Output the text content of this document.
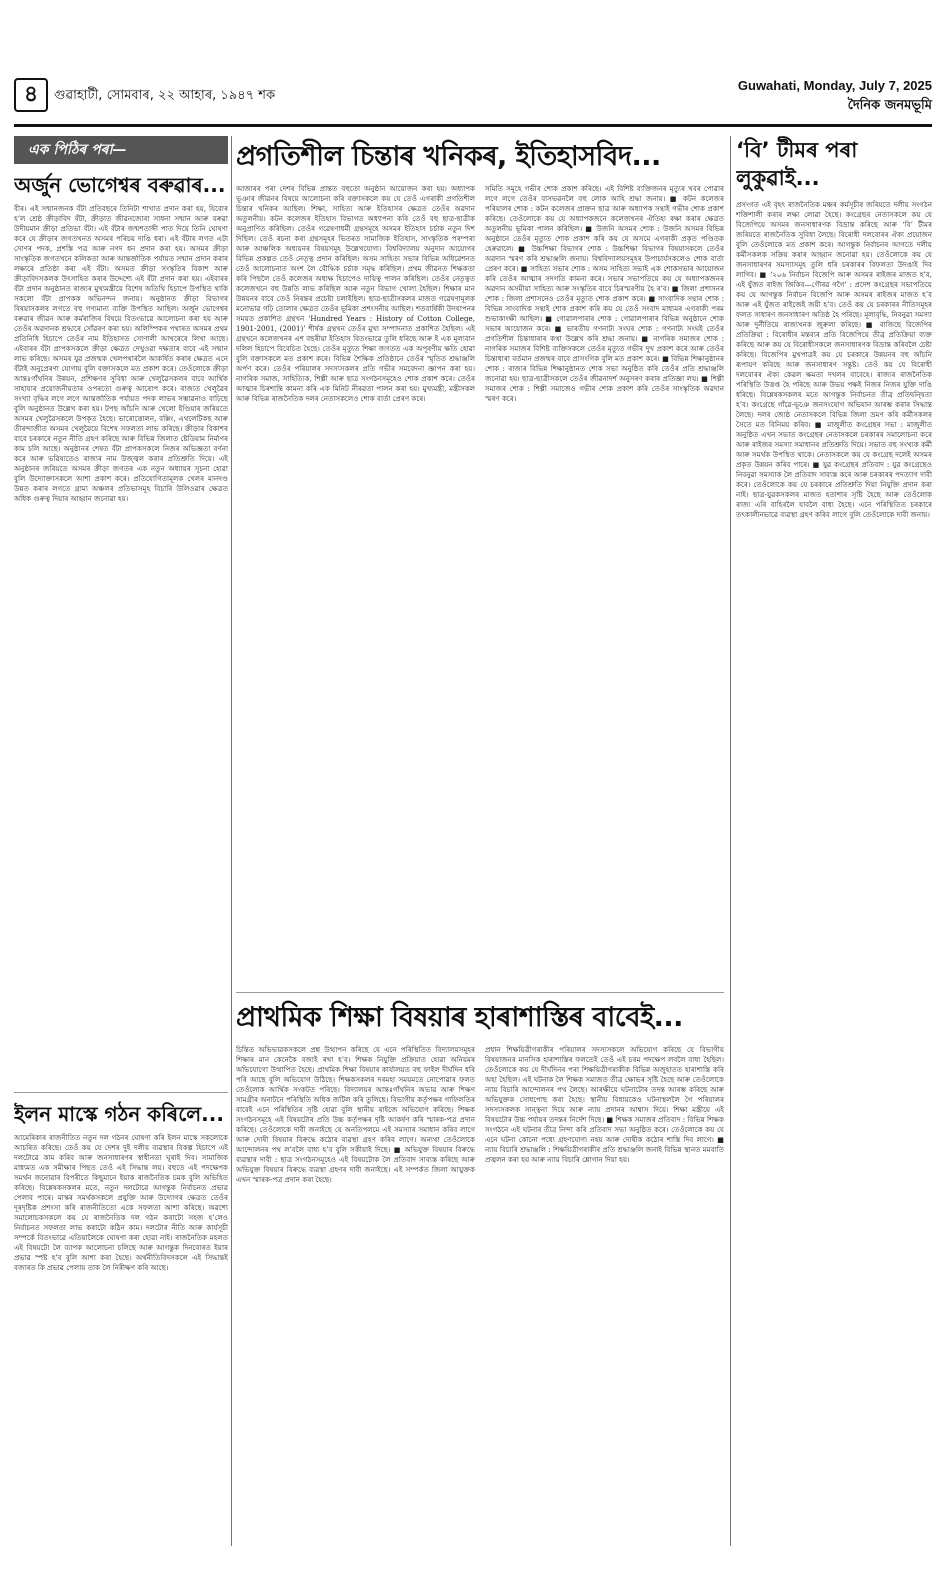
৪	গুৱাহাটী, সোমবাৰ, ২২ আহাৰ, ১৯৪৭ শক
Guwahati, Monday, July 7, 2025
দৈনিক জনমভূমি
এক পিঠিৰ পৰা—
অৰ্জুন ভোগেশ্বৰ বৰুৱাৰ...
বীৰ। এই সন্মানজনক বঁটা প্ৰতিবছৰে তিনিটা শাখাত প্ৰদান কৰা হয়, যিবোৰ হ’ল শ্ৰেষ্ঠ ক্ৰীড়াবিদ বঁটা, ক্ৰীড়াত জীৱনজোৰা সাধনা সন্মান আৰু বৰুৱা উদীয়মান ক্ৰীড়া প্ৰতিভা বঁটা। এই বঁটাৰ জন্মশতাব্দী পাত দিয়ে তিনি ঘোষণা কৰে যে ক্ৰীড়াৰ জগতখনত অসমৰ পৰিচয় দাঙি ধৰা। এই বঁটাৰ লগত এটা সোণৰ পদক, প্ৰশস্তি পত্ৰ আৰু নগদ ধন প্ৰদান কৰা হয়। অসমৰ ক্ৰীড়া সাংস্কৃতিক জগতখনে কলিকতা আৰু আন্তৰ্জাতিক পৰ্যায়ত সন্মান প্ৰদান কৰাৰ লক্ষ্যৰে প্ৰতিষ্ঠা কৰা এই বঁটা। অসমত ক্ৰীড়া সংস্কৃতিৰ বিকাশ আৰু ক্ৰীড়াবিদসকলক উৎসাহিত কৰাৰ উদ্দেশ্যে এই বঁটা প্ৰদান কৰা হয়। এইবাৰৰ বঁটা প্ৰদান অনুষ্ঠানত ৰাজ্যৰ মুখ্যমন্ত্ৰীয়ে বিশেষ অতিথি হিচাপে উপস্থিত থাকি সকলো বঁটা প্ৰাপকক অভিনন্দন জনায়। অনুষ্ঠানত ক্ৰীড়া বিভাগৰ বিষয়াসকলৰ লগতে বহু গণ্যমান্য ব্যক্তি উপস্থিত আছিল। অৰ্জুন ভোগেশ্বৰ বৰুৱাৰ জীৱন আৰু কৰ্মৰাজিৰ বিষয়ে বিতংভাৱে আলোচনা কৰা হয় আৰু তেওঁৰ অৱদানক শ্ৰদ্ধাৰে সোঁৱৰণ কৰা হয়। অলিম্পিকৰ পথাৰত অসমৰ প্ৰথম প্ৰতিনিধি হিচাপে তেওঁৰ নাম ইতিহাসত সোণালী আখৰেৰে লিখা আছে। এইবাৰৰ বঁটা প্ৰাপকসকলে ক্ৰীড়া ক্ষেত্ৰত দেখুওৱা দক্ষতাৰ বাবে এই সন্মান লাভ কৰিছে। অসমৰ যুৱ প্ৰজন্মক খেলপথাৰলৈ আকৰ্ষিত কৰাৰ ক্ষেত্ৰত এনে বঁটাই অনুপ্ৰেৰণা যোগায় বুলি বক্তাসকলে মত প্ৰকাশ কৰে। তেওঁলোকে ক্ৰীড়া আন্তঃগাঁথনিৰ উন্নয়ন, প্ৰশিক্ষণৰ সুবিধা আৰু খেলুৱৈসকলৰ বাবে আৰ্থিক সাহায্যৰ প্ৰয়োজনীয়তাৰ ওপৰতো গুৰুত্ব আৰোপ কৰে। ৰাজ্যত খেলুৱৈৰ সংখ্যা বৃদ্ধিৰ লগে লগে আন্তৰ্জাতিক পৰ্যায়ত পদক লাভৰ সম্ভাৱনাও বাঢ়িছে বুলি অনুষ্ঠানত উল্লেখ কৰা হয়। টপছ আঁচনি আৰু খেলো ইণ্ডিয়াৰ জৰিয়তে অসমৰ খেলুৱৈসকলে উপকৃত হৈছে। ভাৰোত্তোলন, বক্সিং, এথলেটিকছ আৰু তীৰন্দাজীত অসমৰ খেলুৱৈয়ে বিশেষ সফলতা লাভ কৰিছে। ক্ৰীড়াৰ বিকাশৰ বাবে চৰকাৰে নতুন নীতি গ্ৰহণ কৰিছে আৰু বিভিন্ন জিলাত ষ্টেডিয়াম নিৰ্মাণৰ কাম চলি আছে। অনুষ্ঠানৰ শেষত বঁটা প্ৰাপকসকলে নিজৰ অভিজ্ঞতা বৰ্ণনা কৰে আৰু ভৱিষ্যতেও ৰাজ্যৰ নাম উজ্জ্বল কৰাৰ প্ৰতিশ্ৰুতি দিয়ে। এই অনুষ্ঠানৰ জৰিয়তে অসমৰ ক্ৰীড়া জগতৰ এক নতুন অধ্যায়ৰ সূচনা হোৱা বুলি উদ্যোক্তাসকলে আশা প্ৰকাশ কৰে। প্ৰতিযোগিতামূলক খেলৰ মানদণ্ড উন্নত কৰাৰ লগতে গ্ৰাম্য অঞ্চলৰ প্ৰতিভাসমূহ বিচাৰি উলিওৱাৰ ক্ষেত্ৰত অধিক গুৰুত্ব দিয়াৰ আহ্বান জনোৱা হয়।
ইলন মাস্কে গঠন কৰিলে...
আমেৰিকাৰ ৰাজনীতিত নতুন দল গঠনৰ ঘোষণা কৰি ইলন মাস্কে সকলোকে আচৰিত কৰিছে। তেওঁ কয় যে দেশৰ দুই দলীয় ব্যৱস্থাৰ বিকল্প হিচাপে এই দলটোৱে কাম কৰিব আৰু জনসাধাৰণৰ স্বাধীনতা ঘূৰাই দিব। সামাজিক মাধ্যমত এক সমীক্ষাৰ পিছত তেওঁ এই সিদ্ধান্ত লয়। বহুতে এই পদক্ষেপক সমৰ্থন জনোৱাৰ বিপৰীতে কিছুমানে ইয়াক ৰাজনৈতিক চমক বুলি অভিহিত কৰিছে। বিশ্লেষকসকলৰ মতে, নতুন দলটোৱে আগন্তুক নিৰ্বাচনত প্ৰভাৱ পেলাব পাৰে। মাস্কৰ সমৰ্থকসকলে প্ৰযুক্তি আৰু উদ্যোগৰ ক্ষেত্ৰত তেওঁৰ দূৰদৃষ্টিক প্ৰশংসা কৰি ৰাজনীতিতো একে সফলতা আশা কৰিছে। অৱশ্যে সমালোচকসকলে কয় যে ৰাজনৈতিক দল গঠন কৰাটো সহজ হ’লেও নিৰ্বাচনত সফলতা লাভ কৰাটো কঠিন কাম। দলটোৰ নীতি আৰু কাৰ্যসূচী সম্পৰ্কে বিতংভাৱে এতিয়ালৈকে ঘোষণা কৰা হোৱা নাই। ৰাজনৈতিক মহলত এই বিষয়টো লৈ ব্যাপক আলোচনা চলিছে আৰু আগন্তুক দিনবোৰত ইয়াৰ প্ৰভাৱ স্পষ্ট হ’ব বুলি আশা কৰা হৈছে। অৰ্থনীতিবিদসকলে এই সিদ্ধান্তই বজাৰত কি প্ৰভাৱ পেলায় তাক লৈ নিৰীক্ষণ কৰি আছে।
প্ৰগতিশীল চিন্তাৰ খনিকৰ, ইতিহাসবিদ...
আজাৰৰ পৰা দেশৰ বিভিন্ন প্ৰান্তত বহুতো অনুষ্ঠান আয়োজন কৰা হয়। অধ্যাপক ভূঞাৰ জীৱনৰ বিষয়ে আলোচনা কৰি বক্তাসকলে কয় যে তেওঁ এগৰাকী প্ৰগতিশীল চিন্তাৰ খনিকৰ আছিল। শিক্ষা, সাহিত্য আৰু ইতিহাসৰ ক্ষেত্ৰত তেওঁৰ অৱদান অতুলনীয়। কটন কলেজৰ ইতিহাস বিভাগত অধ্যাপনা কৰি তেওঁ বহু ছাত্ৰ-ছাত্ৰীক অনুপ্ৰাণিত কৰিছিল। তেওঁৰ গৱেষণাধৰ্মী গ্ৰন্থসমূহে অসমৰ ইতিহাস চৰ্চাক নতুন দিশ দিছিল। তেওঁ ৰচনা কৰা গ্ৰন্থসমূহৰ ভিতৰত সামাজিক ইতিহাস, সাংস্কৃতিক পৰম্পৰা আৰু আঞ্চলিক অধ্যয়নৰ বিষয়সমূহ উল্লেখযোগ্য। বিশ্ববিদ্যালয় অনুদান আয়োগৰ বিভিন্ন প্ৰকল্পত তেওঁ নেতৃত্ব প্ৰদান কৰিছিল। অসম সাহিত্য সভাৰ বিভিন্ন অধিৱেশনত তেওঁ আলোচনাত অংশ লৈ বৌদ্ধিক চৰ্চাক সমৃদ্ধ কৰিছিল। প্ৰথম জীৱনত শিক্ষকতা কৰি পিছলৈ তেওঁ কলেজৰ অধ্যক্ষ হিচাপেও দায়িত্ব পালন কৰিছিল। তেওঁৰ নেতৃত্বত কলেজখনে বহু উন্নতি লাভ কৰিছিল আৰু নতুন বিভাগ খোলা হৈছিল। শিক্ষাৰ মান উন্নয়নৰ বাবে তেওঁ নিৰন্তৰ প্ৰচেষ্টা চলাইছিল। ছাত্ৰ-ছাত্ৰীসকলৰ মাজত গৱেষণামূলক মনোভাৱ গঢ়ি তোলাৰ ক্ষেত্ৰত তেওঁৰ ভূমিকা প্ৰশংসনীয় আছিল। শতবাৰ্ষিকী উদযাপনৰ সময়ত প্ৰকাশিত গ্ৰন্থখন ‘Hundred Years : History of Cotton College, 1901-2001, (2001)’ শীৰ্ষক গ্ৰন্থখন তেওঁৰ মুখ্য সম্পাদনাত প্ৰকাশিত হৈছিল। এই গ্ৰন্থখনে কলেজখনৰ এশ বছৰীয়া ইতিহাস বিতংভাৱে তুলি ধৰিছে আৰু ই এক মূল্যবান দলিল হিচাপে বিবেচিত হৈছে। তেওঁৰ মৃত্যুত শিক্ষা জগতত এক অপূৰণীয় ক্ষতি হোৱা বুলি বক্তাসকলে মত প্ৰকাশ কৰে। বিভিন্ন শৈক্ষিক প্ৰতিষ্ঠানে তেওঁৰ স্মৃতিত শ্ৰদ্ধাঞ্জলি অৰ্পণ কৰে। তেওঁৰ পৰিয়ালৰ সদস্যসকলৰ প্ৰতি গভীৰ সমবেদনা জ্ঞাপন কৰা হয়। নাগৰিক সমাজ, সাহিত্যিক, শিল্পী আৰু ছাত্ৰ সংগঠনসমূহেও শোক প্ৰকাশ কৰে। তেওঁৰ আত্মাৰ চিৰশান্তি কামনা কৰি এক মিনিট নীৰৱতা পালন কৰা হয়। মুখ্যমন্ত্ৰী, মন্ত্ৰীসকল আৰু বিভিন্ন ৰাজনৈতিক দলৰ নেতাসকলেও শোক বাৰ্তা প্ৰেৰণ কৰে।
সমিতি সমূহে গভীৰ শোক প্ৰকাশ কৰিছে। এই বিশিষ্ট ব্যক্তিজনৰ মৃত্যুৰ খবৰ পোৱাৰ লগে লগে তেওঁৰ বাসভৱনলৈ বহু লোক আহি শ্ৰদ্ধা জনায়। ■ কটন কলেজৰ পৰিয়ালৰ শোক : কটন কলেজৰ প্ৰাক্তন ছাত্ৰ আৰু অধ্যাপক সন্থাই গভীৰ শোক প্ৰকাশ কৰিছে। তেওঁলোকে কয় যে অধ্যাপকজনে কলেজখনৰ ঐতিহ্য ৰক্ষা কৰাৰ ক্ষেত্ৰত অতুলনীয় ভূমিকা পালন কৰিছিল। ■ উজনি অসমৰ শোক : উজনি অসমৰ বিভিন্ন অনুষ্ঠানে তেওঁৰ মৃত্যুত শোক প্ৰকাশ কৰি কয় যে অসমে এগৰাকী প্ৰকৃত পণ্ডিতক হেৰুৱালে। ■ উচ্চশিক্ষা বিভাগৰ শোক : উচ্চশিক্ষা বিভাগৰ বিষয়াসকলে তেওঁৰ অৱদান স্মৰণ কৰি শ্ৰদ্ধাঞ্জলি জনায়। বিশ্ববিদ্যালয়সমূহৰ উপাচাৰ্যসকলেও শোক বাৰ্তা প্ৰেৰণ কৰে। ■ সাহিত্য সভাৰ শোক : অসম সাহিত্য সভাই এক শোকসভাৰ আয়োজন কৰি তেওঁৰ আত্মাৰ সদগতি কামনা কৰে। সভাৰ সভাপতিয়ে কয় যে অধ্যাপকজনৰ অৱদান অসমীয়া সাহিত্য আৰু সংস্কৃতিৰ বাবে চিৰস্মৰণীয় হৈ ৰ’ব। ■ জিলা প্ৰশাসনৰ শোক : জিলা প্ৰশাসনেও তেওঁৰ মৃত্যুত শোক প্ৰকাশ কৰে। ■ সাংবাদিক সন্থাৰ শোক : বিভিন্ন সাংবাদিক সন্থাই শোক প্ৰকাশ কৰি কয় যে তেওঁ সংবাদ মাধ্যমৰ এগৰাকী পৰম শুভাকাংক্ষী আছিল। ■ গোৱালপাৰাৰ শোক : গোৱালপাৰাৰ বিভিন্ন অনুষ্ঠানে শোক সভাৰ আয়োজন কৰে। ■ ভাৰতীয় গণনাট্য সংঘৰ শোক : গণনাট্য সংঘই তেওঁৰ প্ৰগতিশীল চিন্তাধাৰাৰ কথা উল্লেখ কৰি শ্ৰদ্ধা জনায়। ■ নাগৰিক সমাজৰ শোক : নাগৰিক সমাজৰ বিশিষ্ট ব্যক্তিসকলে তেওঁৰ মৃত্যুত গভীৰ দুখ প্ৰকাশ কৰে আৰু তেওঁৰ চিন্তাধাৰা বৰ্তমান প্ৰজন্মৰ বাবে প্ৰাসংগিক বুলি মত প্ৰকাশ কৰে। ■ বিভিন্ন শিক্ষানুষ্ঠানৰ শোক : ৰাজ্যৰ বিভিন্ন শিক্ষানুষ্ঠানত শোক সভা অনুষ্ঠিত কৰি তেওঁৰ প্ৰতি শ্ৰদ্ধাঞ্জলি জনোৱা হয়। ছাত্ৰ-ছাত্ৰীসকলে তেওঁৰ জীৱনাদৰ্শ অনুসৰণ কৰাৰ প্ৰতিজ্ঞা লয়। ■ শিল্পী সমাজৰ শোক : শিল্পী সমাজেও গভীৰ শোক প্ৰকাশ কৰি তেওঁৰ সাংস্কৃতিক অৱদান স্মৰণ কৰে।
প্ৰাথমিক শিক্ষা বিষয়াৰ হাৰাশাস্তিৰ বাবেই...
চিন্তিত অভিভাৱকসকলে প্ৰশ্ন উত্থাপন কৰিছে যে এনে পৰিস্থিতিত বিদ্যালয়সমূহৰ শিক্ষাৰ মান কেনেকৈ বজাই ৰখা হ’ব। শিক্ষক নিযুক্তি প্ৰক্ৰিয়াত হোৱা অনিয়মৰ অভিযোগো উত্থাপিত হৈছে। প্ৰাথমিক শিক্ষা বিষয়াৰ কাৰ্যালয়ত বহু ফাইল দীৰ্ঘদিন ধৰি পৰি আছে বুলি অভিযোগ উঠিছে। শিক্ষকসকলৰ দৰমহা সময়মতে নোপোৱাৰ ফলত তেওঁলোক আৰ্থিক সংকটত পৰিছে। বিদ্যালয়ৰ আন্তঃগাঁথনিৰ অভাৱ আৰু শিক্ষণ সামগ্ৰীৰ অনাটনে পৰিস্থিতি অধিক জটিল কৰি তুলিছে। বিভাগীয় কৰ্তৃপক্ষৰ গাফিলতিৰ বাবেই এনে পৰিস্থিতিৰ সৃষ্টি হোৱা বুলি স্থানীয় ৰাইজে অভিযোগ কৰিছে। শিক্ষক সংগঠনসমূহে এই বিষয়টোৰ প্ৰতি উচ্চ কৰ্তৃপক্ষৰ দৃষ্টি আকৰ্ষণ কৰি স্মাৰক-পত্ৰ প্ৰদান কৰিছে। তেওঁলোকে দাবী জনাইছে যে অনতিপলমে এই সমস্যাৰ সমাধান কৰিব লাগে আৰু দোষী বিষয়াৰ বিৰুদ্ধে কঠোৰ ব্যৱস্থা গ্ৰহণ কৰিব লাগে। অন্যথা তেওঁলোকে আন্দোলনৰ পথ ল’বলৈ বাধ্য হ’ব বুলি সকীয়াই দিছে। ■ অভিযুক্ত বিষয়াৰ বিৰুদ্ধে ব্যৱস্থাৰ দাবী : ছাত্ৰ সংগঠনসমূহেও এই বিষয়টোক লৈ প্ৰতিবাদ সাব্যস্ত কৰিছে আৰু অভিযুক্ত বিষয়াৰ বিৰুদ্ধে ব্যৱস্থা গ্ৰহণৰ দাবী জনাইছে। এই সম্পৰ্কত জিলা আয়ুক্তক এখন স্মাৰক-পত্ৰ প্ৰদান কৰা হৈছে।
প্ৰধান শিক্ষয়িত্ৰীগৰাকীৰ পৰিয়ালৰ সদস্যসকলে অভিযোগ কৰিছে যে বিভাগীয় বিষয়াজনৰ মানসিক হাৰাশাস্তিৰ ফলতেই তেওঁ এই চৰম পদক্ষেপ লবলৈ বাধ্য হৈছিল। তেওঁলোকে কয় যে দীৰ্ঘদিনৰ পৰা শিক্ষয়িত্ৰীগৰাকীক বিভিন্ন অজুহাতত হাৰাশাস্তি কৰি অহা হৈছিল। এই ঘটনাক লৈ শিক্ষক সমাজত তীব্ৰ ক্ষোভৰ সৃষ্টি হৈছে আৰু তেওঁলোকে ন্যায় বিচাৰি আন্দোলনৰ পথ লৈছে। আৰক্ষীয়ে ঘটনাটোৰ তদন্ত আৰম্ভ কৰিছে আৰু অভিযুক্তক সোধপোছ কৰা হৈছে। স্থানীয় বিধায়কেও ঘটনাস্থললৈ গৈ পৰিয়ালৰ সদস্যসকলক সান্ত্বনা দিয়ে আৰু ন্যায় প্ৰদানৰ আশ্বাস দিয়ে। শিক্ষা মন্ত্ৰীয়ে এই বিষয়টোৰ উচ্চ পৰ্যায়ৰ তদন্তৰ নিৰ্দেশ দিছে। ■ শিক্ষক সমাজৰ প্ৰতিবাদ : বিভিন্ন শিক্ষক সংগঠনে এই ঘটনাৰ তীব্ৰ নিন্দা কৰি প্ৰতিবাদ সভা অনুষ্ঠিত কৰে। তেওঁলোকে কয় যে এনে ঘটনা কোনো পধ্যে গ্ৰহণযোগ্য নহয় আৰু দোষীক কঠোৰ শাস্তি দিব লাগে। ■ ন্যায় বিচাৰি শ্ৰদ্ধাঞ্জলি : শিক্ষয়িত্ৰীগৰাকীৰ প্ৰতি শ্ৰদ্ধাঞ্জলি জনাই বিভিন্ন স্থানত মমবাতি প্ৰজ্বলন কৰা হয় আৰু ন্যায় বিচাৰি শ্লোগান দিয়া হয়।
‘বি’ টীমৰ পৰা লুকুৱাই...
প্ৰসংগত এই বৃহৎ ৰাজনৈতিক মঞ্চৰ কৰ্মসূচীৰ জৰিয়তে দলীয় সংগঠন শক্তিশালী কৰাৰ লক্ষ্য লোৱা হৈছে। কংগ্ৰেছৰ নেতাসকলে কয় যে বিজেপিয়ে অসমৰ জনসাধাৰণক বিভ্ৰান্ত কৰিছে আৰু ‘বি’ টীমৰ জৰিয়তে ৰাজনৈতিক সুবিধা লৈছে। বিৰোধী দলবোৰৰ ঐক্য প্ৰয়োজন বুলি তেওঁলোকে মত প্ৰকাশ কৰে। আগন্তুক নিৰ্বাচনৰ আগতে দলীয় কৰ্মীসকলক সক্ৰিয় কৰাৰ আহ্বান জনোৱা হয়। তেওঁলোকে কয় যে জনসাধাৰণৰ সমস্যাসমূহ তুলি ধৰি চৰকাৰৰ বিফলতা উদঙাই দিব লাগিব। ■ ‘২০৬ নিৰ্বাচন বিজেপি আৰু অসমৰ ৰাইজৰ মাজত হ’ব, এই যুঁজত ৰাইজ জিকিব—গৌৰৱ গগৈ’ : প্ৰদেশ কংগ্ৰেছৰ সভাপতিয়ে কয় যে আগন্তুক নিৰ্বাচন বিজেপি আৰু অসমৰ ৰাইজৰ মাজত হ’ব আৰু এই যুঁজত ৰাইজেই জয়ী হ’ব। তেওঁ কয় যে চৰকাৰৰ নীতিসমূহৰ ফলত সাধাৰণ জনসাধাৰণ অতিষ্ঠ হৈ পৰিছে। মূল্যবৃদ্ধি, নিবনুৱা সমস্যা আৰু দুৰ্নীতিয়ে ৰাজ্যখনক জুৰুলা কৰিছে। ■ বাজিছে বিজেপিৰ প্ৰতিক্ৰিয়া : বিৰোধীৰ মন্তব্যৰ প্ৰতি বিজেপিয়ে তীব্ৰ প্ৰতিক্ৰিয়া ব্যক্ত কৰিছে আৰু কয় যে বিৰোধীসকলে জনসাধাৰণক বিভ্ৰান্ত কৰিবলৈ চেষ্টা কৰিছে। বিজেপিৰ মুখপাত্ৰই কয় যে চৰকাৰে উন্নয়নৰ বহু আঁচনি ৰূপায়ণ কৰিছে আৰু জনসাধাৰণ সন্তুষ্ট। তেওঁ কয় যে বিৰোধী দলবোৰৰ ঐক্য কেৱল ক্ষমতা দখলৰ বাবেহে। ৰাজ্যৰ ৰাজনৈতিক পৰিস্থিতি উত্তপ্ত হৈ পৰিছে আৰু উভয় পক্ষই নিজৰ নিজৰ যুক্তি দাঙি ধৰিছে। বিশ্লেষকসকলৰ মতে আগন্তুক নিৰ্বাচনত তীব্ৰ প্ৰতিদ্বন্দ্বিতা হ’ব। কংগ্ৰেছে গাঁৱে-ভূঞে জনসংযোগ অভিযান আৰম্ভ কৰাৰ সিদ্ধান্ত লৈছে। দলৰ জ্যেষ্ঠ নেতাসকলে বিভিন্ন জিলা ভ্ৰমণ কৰি কৰ্মীসকলৰ সৈতে মত বিনিময় কৰিব। ■ মাজুলীত কংগ্ৰেছৰ সভা : মাজুলীত অনুষ্ঠিত এখন সভাত কংগ্ৰেছৰ নেতাসকলে চৰকাৰৰ সমালোচনা কৰে আৰু ৰাইজৰ সমস্যা সমাধানৰ প্ৰতিশ্ৰুতি দিয়ে। সভাত বহু সংখ্যক কৰ্মী আৰু সমৰ্থক উপস্থিত থাকে। নেতাসকলে কয় যে কংগ্ৰেছ দলেই অসমৰ প্ৰকৃত উন্নয়ন কৰিব পাৰে। ■ যুৱ কংগ্ৰেছৰ প্ৰতিবাদ : যুৱ কংগ্ৰেছেও নিবনুৱা সমস্যাক লৈ প্ৰতিবাদ সাব্যস্ত কৰে আৰু চৰকাৰৰ পদত্যাগ দাবী কৰে। তেওঁলোকে কয় যে চৰকাৰে প্ৰতিশ্ৰুতি দিয়া নিযুক্তি প্ৰদান কৰা নাই। ছাত্ৰ-যুৱকসকলৰ মাজত হতাশাৰ সৃষ্টি হৈছে আৰু তেওঁলোক ৰাজ্য এৰি বাহিৰলৈ যাবলৈ বাধ্য হৈছে। এনে পৰিস্থিতিত চৰকাৰে তৎকালীনভাৱে ব্যৱস্থা গ্ৰহণ কৰিব লাগে বুলি তেওঁলোকে দাবী জনায়।
